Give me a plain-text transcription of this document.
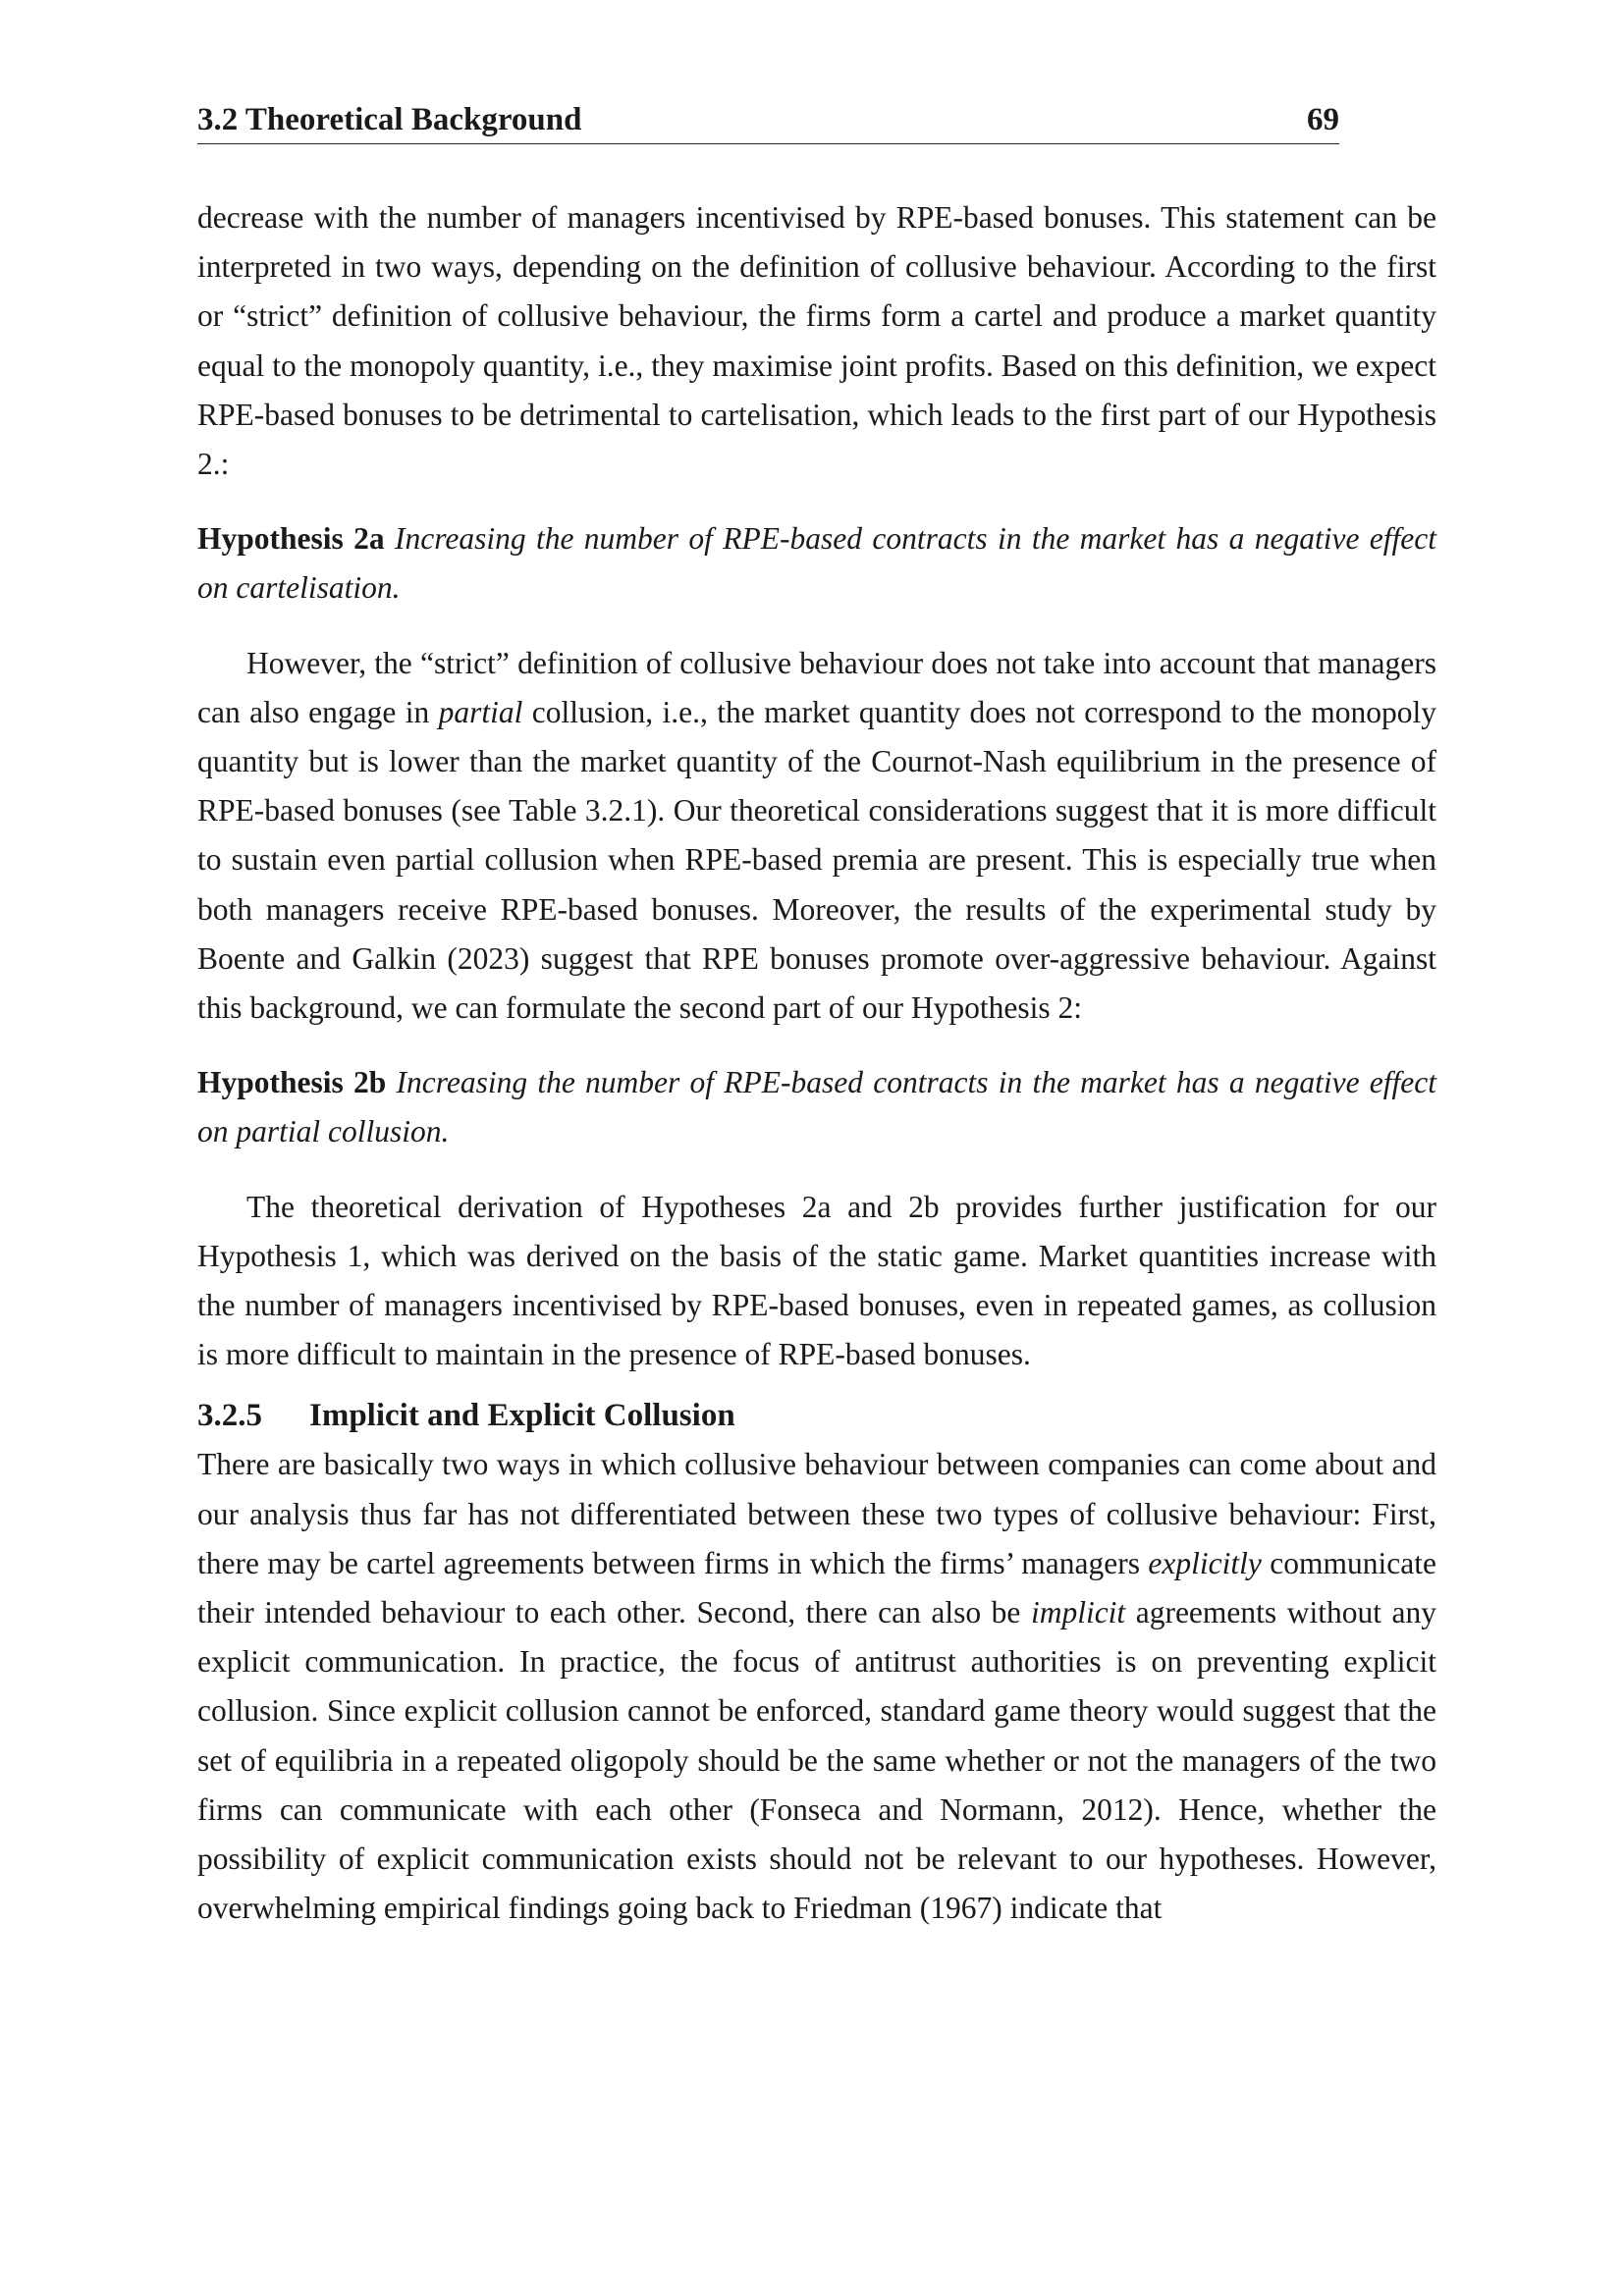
3.2 Theoretical Background	69

decrease with the number of managers incentivised by RPE-based bonuses. This statement can be interpreted in two ways, depending on the definition of collusive behaviour. According to the first or “strict” definition of collusive behaviour, the firms form a cartel and produce a market quantity equal to the monopoly quantity, i.e., they maximise joint profits. Based on this definition, we expect RPE-based bonuses to be detrimental to cartelisation, which leads to the first part of our Hypothesis 2.:

Hypothesis 2a Increasing the number of RPE-based contracts in the market has a negative effect on cartelisation.

However, the “strict” definition of collusive behaviour does not take into account that managers can also engage in partial collusion, i.e., the market quantity does not correspond to the monopoly quantity but is lower than the market quantity of the Cournot-Nash equilibrium in the presence of RPE-based bonuses (see Table 3.2.1). Our theoretical considerations suggest that it is more difficult to sustain even partial collusion when RPE-based premia are present. This is especially true when both managers receive RPE-based bonuses. Moreover, the results of the experimental study by Boente and Galkin (2023) suggest that RPE bonuses promote over-aggressive behaviour. Against this background, we can formulate the second part of our Hypothesis 2:

Hypothesis 2b Increasing the number of RPE-based contracts in the market has a negative effect on partial collusion.

The theoretical derivation of Hypotheses 2a and 2b provides further justification for our Hypothesis 1, which was derived on the basis of the static game. Market quantities increase with the number of managers incentivised by RPE-based bonuses, even in repeated games, as collusion is more difficult to maintain in the presence of RPE-based bonuses.

3.2.5 Implicit and Explicit Collusion

There are basically two ways in which collusive behaviour between companies can come about and our analysis thus far has not differentiated between these two types of collusive behaviour: First, there may be cartel agreements between firms in which the firms’ managers explicitly communicate their intended behaviour to each other. Second, there can also be implicit agreements without any explicit communication. In practice, the focus of antitrust authorities is on preventing explicit collusion. Since explicit collusion cannot be enforced, standard game theory would suggest that the set of equilibria in a repeated oligopoly should be the same whether or not the managers of the two firms can communicate with each other (Fonseca and Normann, 2012). Hence, whether the possibility of explicit communication exists should not be relevant to our hypotheses. However, overwhelming empirical findings going back to Friedman (1967) indicate that
